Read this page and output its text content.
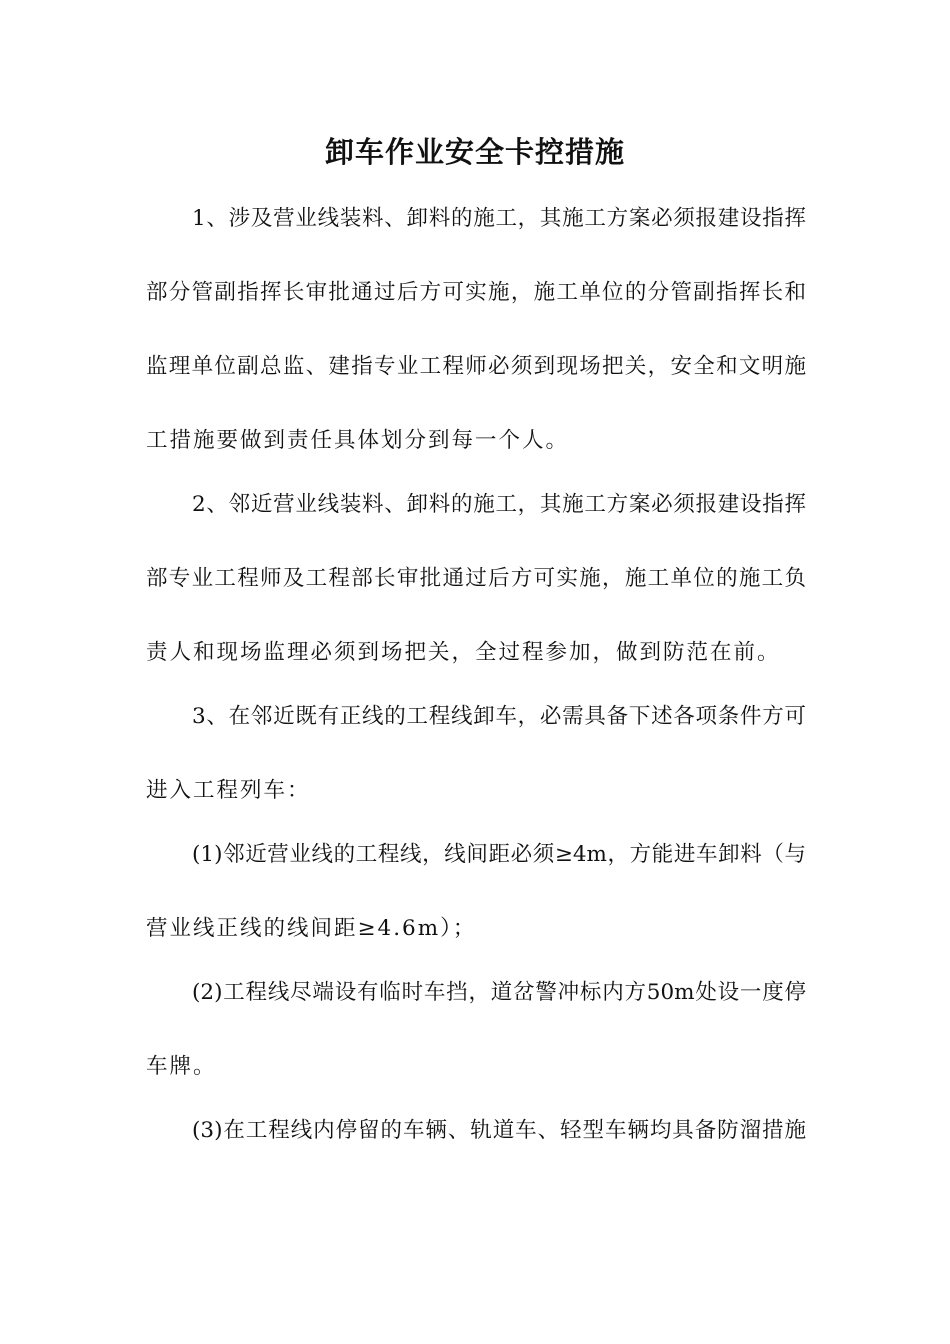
卸车作业安全卡控措施

1、涉及营业线装料、卸料的施工，其施工方案必须报建设指挥

部分管副指挥长审批通过后方可实施，施工单位的分管副指挥长和

监理单位副总监、建指专业工程师必须到现场把关，安全和文明施

工措施要做到责任具体划分到每一个人。

2、邻近营业线装料、卸料的施工，其施工方案必须报建设指挥

部专业工程师及工程部长审批通过后方可实施，施工单位的施工负

责人和现场监理必须到场把关，全过程参加，做到防范在前。

3、在邻近既有正线的工程线卸车，必需具备下述各项条件方可

进入工程列车：

(1)邻近营业线的工程线，线间距必须≥4m，方能进车卸料（与

营业线正线的线间距≥4.6m）；

(2)工程线尽端设有临时车挡，道岔警冲标内方50m处设一度停

车牌。

(3)在工程线内停留的车辆、轨道车、轻型车辆均具备防溜措施
